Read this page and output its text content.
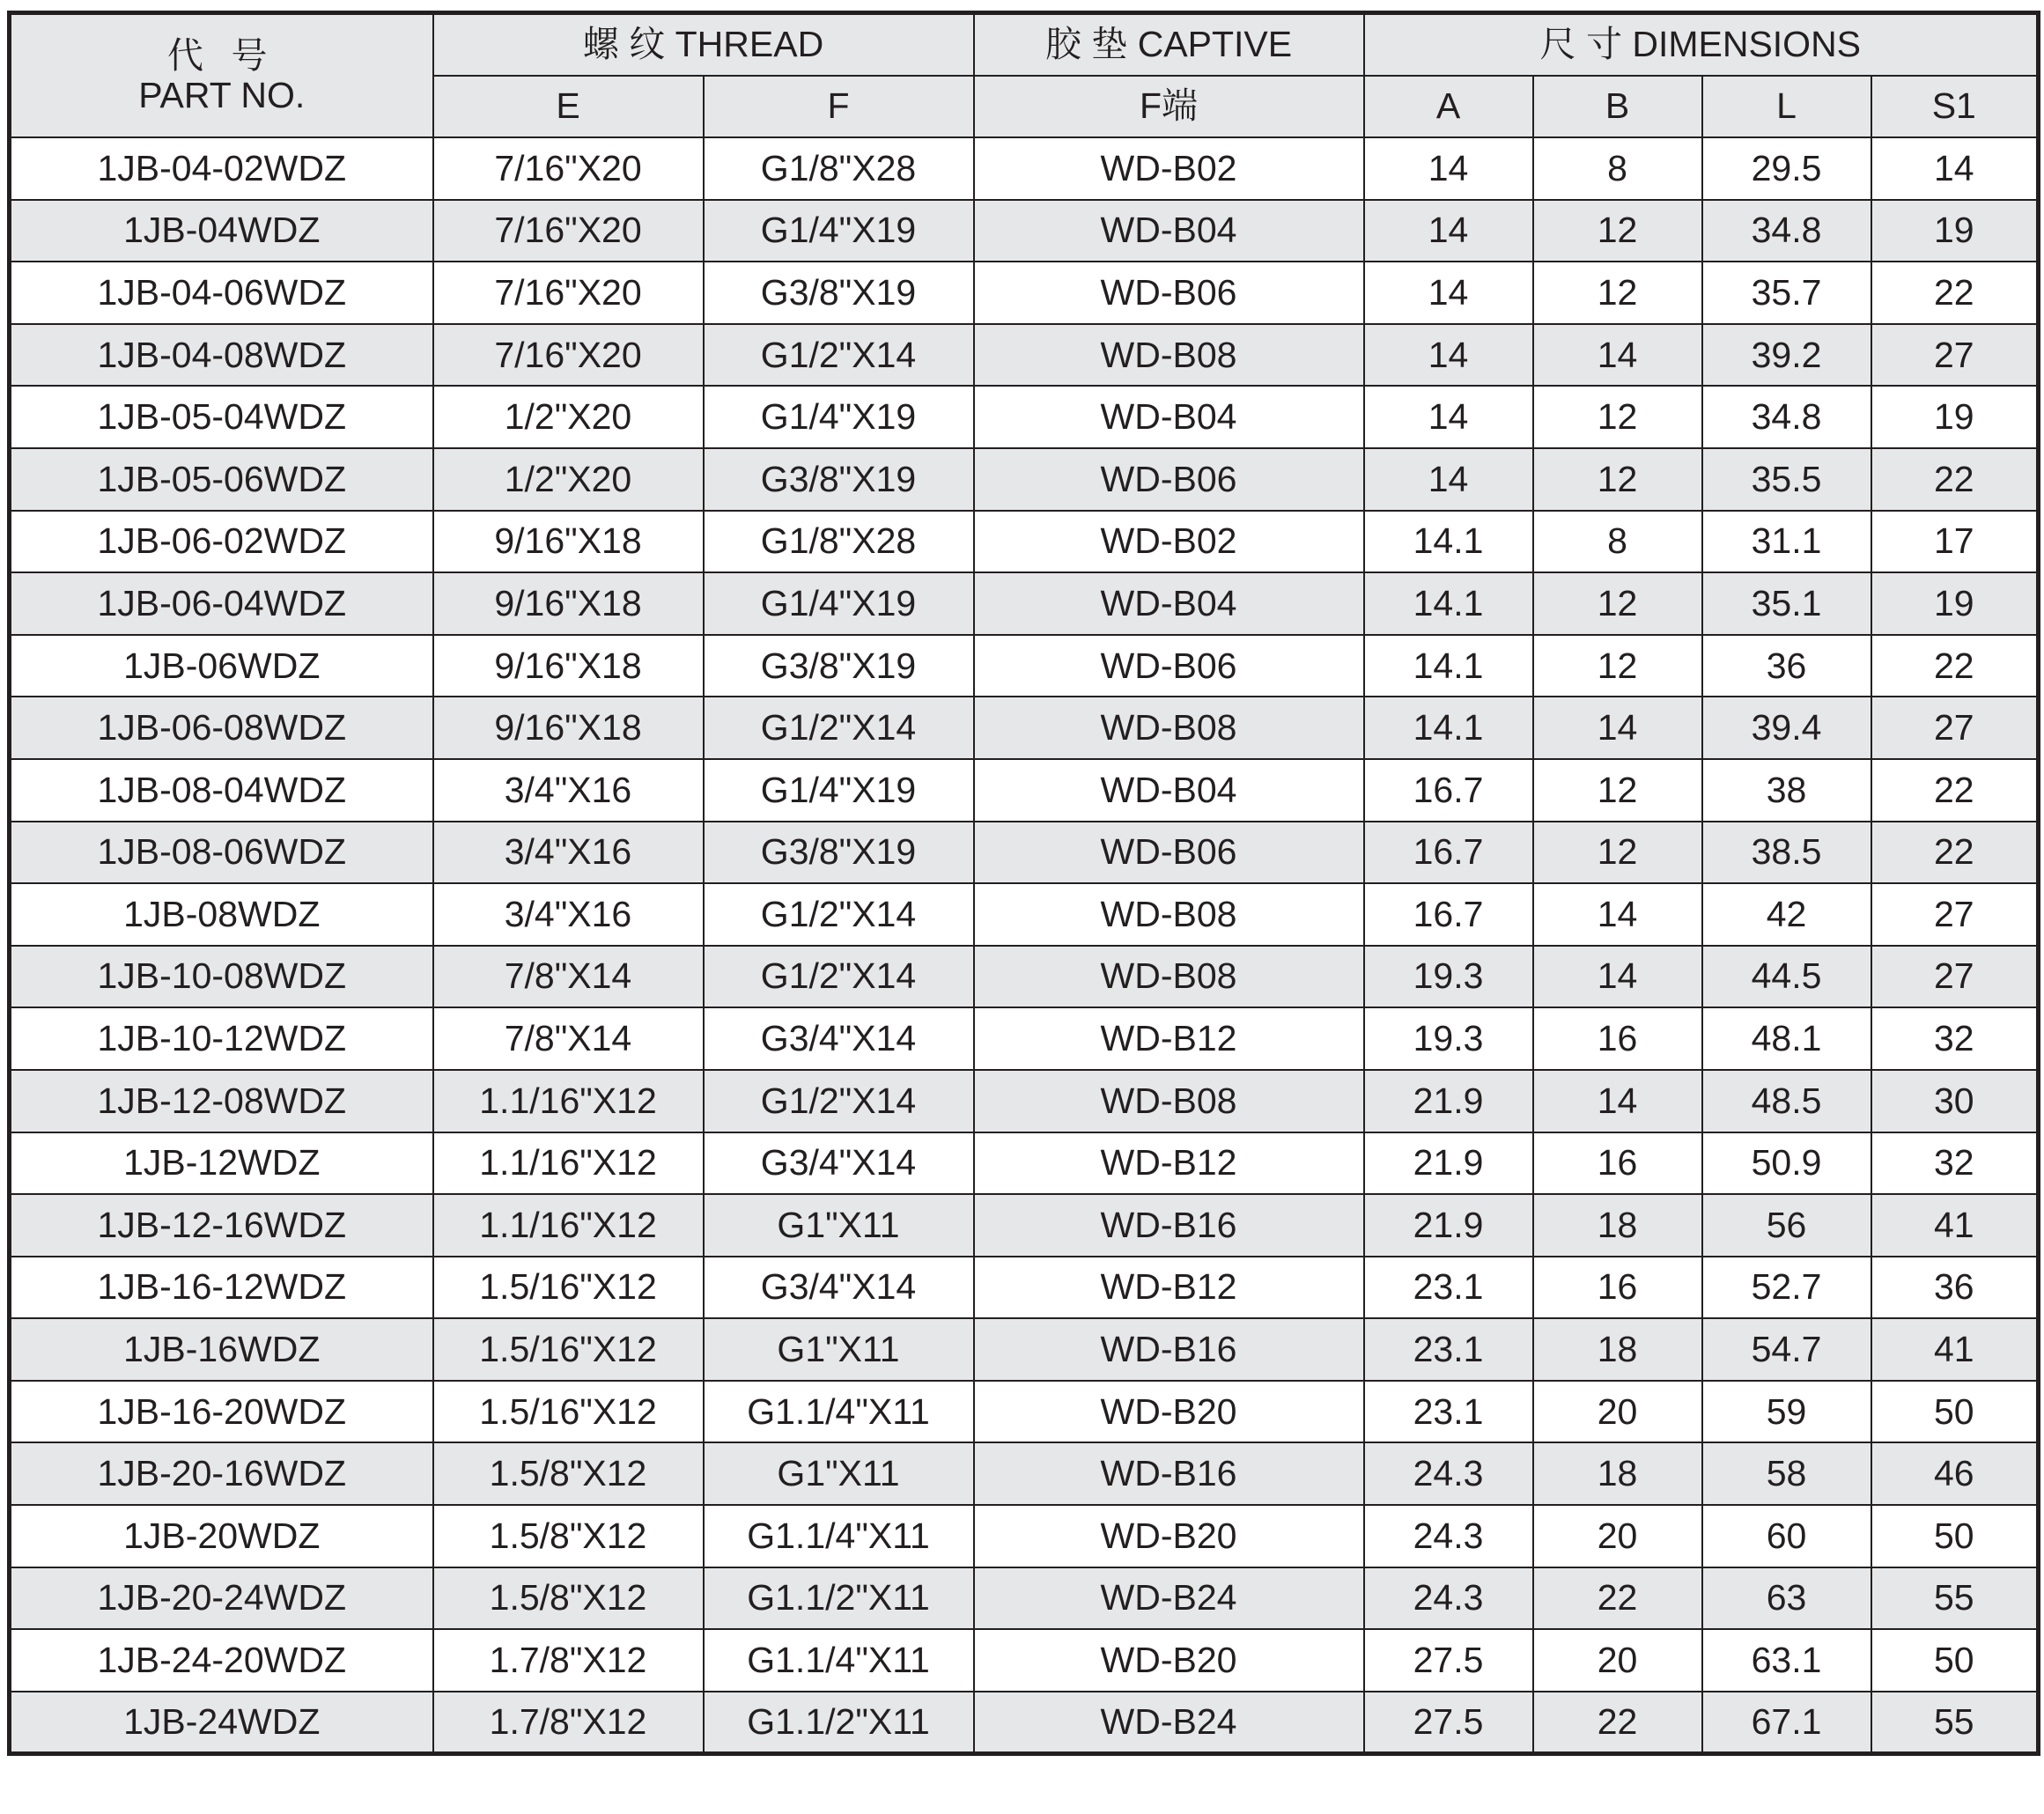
代 号
PART NO.	螺 纹 THREAD		胶 垫 CAPTIVE	尺 寸 DIMENSIONS			
	E	F	F端	A	B	L	S1
1JB-04-02WDZ	7/16"X20	G1/8"X28	WD-B02	14	8	29.5	14
1JB-04WDZ	7/16"X20	G1/4"X19	WD-B04	14	12	34.8	19
1JB-04-06WDZ	7/16"X20	G3/8"X19	WD-B06	14	12	35.7	22
1JB-04-08WDZ	7/16"X20	G1/2"X14	WD-B08	14	14	39.2	27
1JB-05-04WDZ	1/2"X20	G1/4"X19	WD-B04	14	12	34.8	19
1JB-05-06WDZ	1/2"X20	G3/8"X19	WD-B06	14	12	35.5	22
1JB-06-02WDZ	9/16"X18	G1/8"X28	WD-B02	14.1	8	31.1	17
1JB-06-04WDZ	9/16"X18	G1/4"X19	WD-B04	14.1	12	35.1	19
1JB-06WDZ	9/16"X18	G3/8"X19	WD-B06	14.1	12	36	22
1JB-06-08WDZ	9/16"X18	G1/2"X14	WD-B08	14.1	14	39.4	27
1JB-08-04WDZ	3/4"X16	G1/4"X19	WD-B04	16.7	12	38	22
1JB-08-06WDZ	3/4"X16	G3/8"X19	WD-B06	16.7	12	38.5	22
1JB-08WDZ	3/4"X16	G1/2"X14	WD-B08	16.7	14	42	27
1JB-10-08WDZ	7/8"X14	G1/2"X14	WD-B08	19.3	14	44.5	27
1JB-10-12WDZ	7/8"X14	G3/4"X14	WD-B12	19.3	16	48.1	32
1JB-12-08WDZ	1.1/16"X12	G1/2"X14	WD-B08	21.9	14	48.5	30
1JB-12WDZ	1.1/16"X12	G3/4"X14	WD-B12	21.9	16	50.9	32
1JB-12-16WDZ	1.1/16"X12	G1"X11	WD-B16	21.9	18	56	41
1JB-16-12WDZ	1.5/16"X12	G3/4"X14	WD-B12	23.1	16	52.7	36
1JB-16WDZ	1.5/16"X12	G1"X11	WD-B16	23.1	18	54.7	41
1JB-16-20WDZ	1.5/16"X12	G1.1/4"X11	WD-B20	23.1	20	59	50
1JB-20-16WDZ	1.5/8"X12	G1"X11	WD-B16	24.3	18	58	46
1JB-20WDZ	1.5/8"X12	G1.1/4"X11	WD-B20	24.3	20	60	50
1JB-20-24WDZ	1.5/8"X12	G1.1/2"X11	WD-B24	24.3	22	63	55
1JB-24-20WDZ	1.7/8"X12	G1.1/4"X11	WD-B20	27.5	20	63.1	50
1JB-24WDZ	1.7/8"X12	G1.1/2"X11	WD-B24	27.5	22	67.1	55
